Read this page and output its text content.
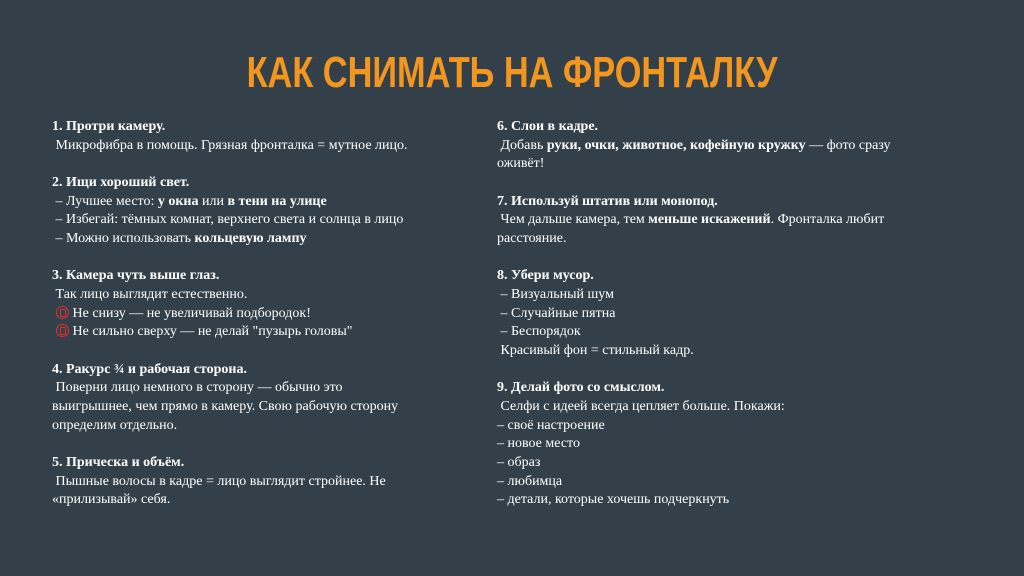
КАК СНИМАТЬ НА ФРОНТАЛКУ
1. Протри камеру.
Микрофибра в помощь. Грязная фронталка = мутное лицо.
2. Ищи хороший свет.
– Лучшее место: у окна или в тени на улице
– Избегай: тёмных комнат, верхнего света и солнца в лицо
– Можно использовать кольцевую лампу
3. Камера чуть выше глаз.
Так лицо выглядит естественно.
Не снизу — не увеличивай подбородок!
Не сильно сверху — не делай "пузырь головы"
4. Ракурс ¾ и рабочая сторона.
Поверни лицо немного в сторону — обычно это
выигрышнее, чем прямо в камеру. Свою рабочую сторону
определим отдельно.
5. Прическа и объём.
Пышные волосы в кадре = лицо выглядит стройнее. Не
«прилизывай» себя.
6. Слои в кадре.
Добавь руки, очки, животное, кофейную кружку — фото сразу
оживёт!
7. Используй штатив или монопод.
Чем дальше камера, тем меньше искажений. Фронталка любит
расстояние.
8. Убери мусор.
– Визуальный шум
– Случайные пятна
– Беспорядок
Красивый фон = стильный кадр.
9. Делай фото со смыслом.
Селфи с идеей всегда цепляет больше. Покажи:
– своё настроение
– новое место
– образ
– любимца
– детали, которые хочешь подчеркнуть
